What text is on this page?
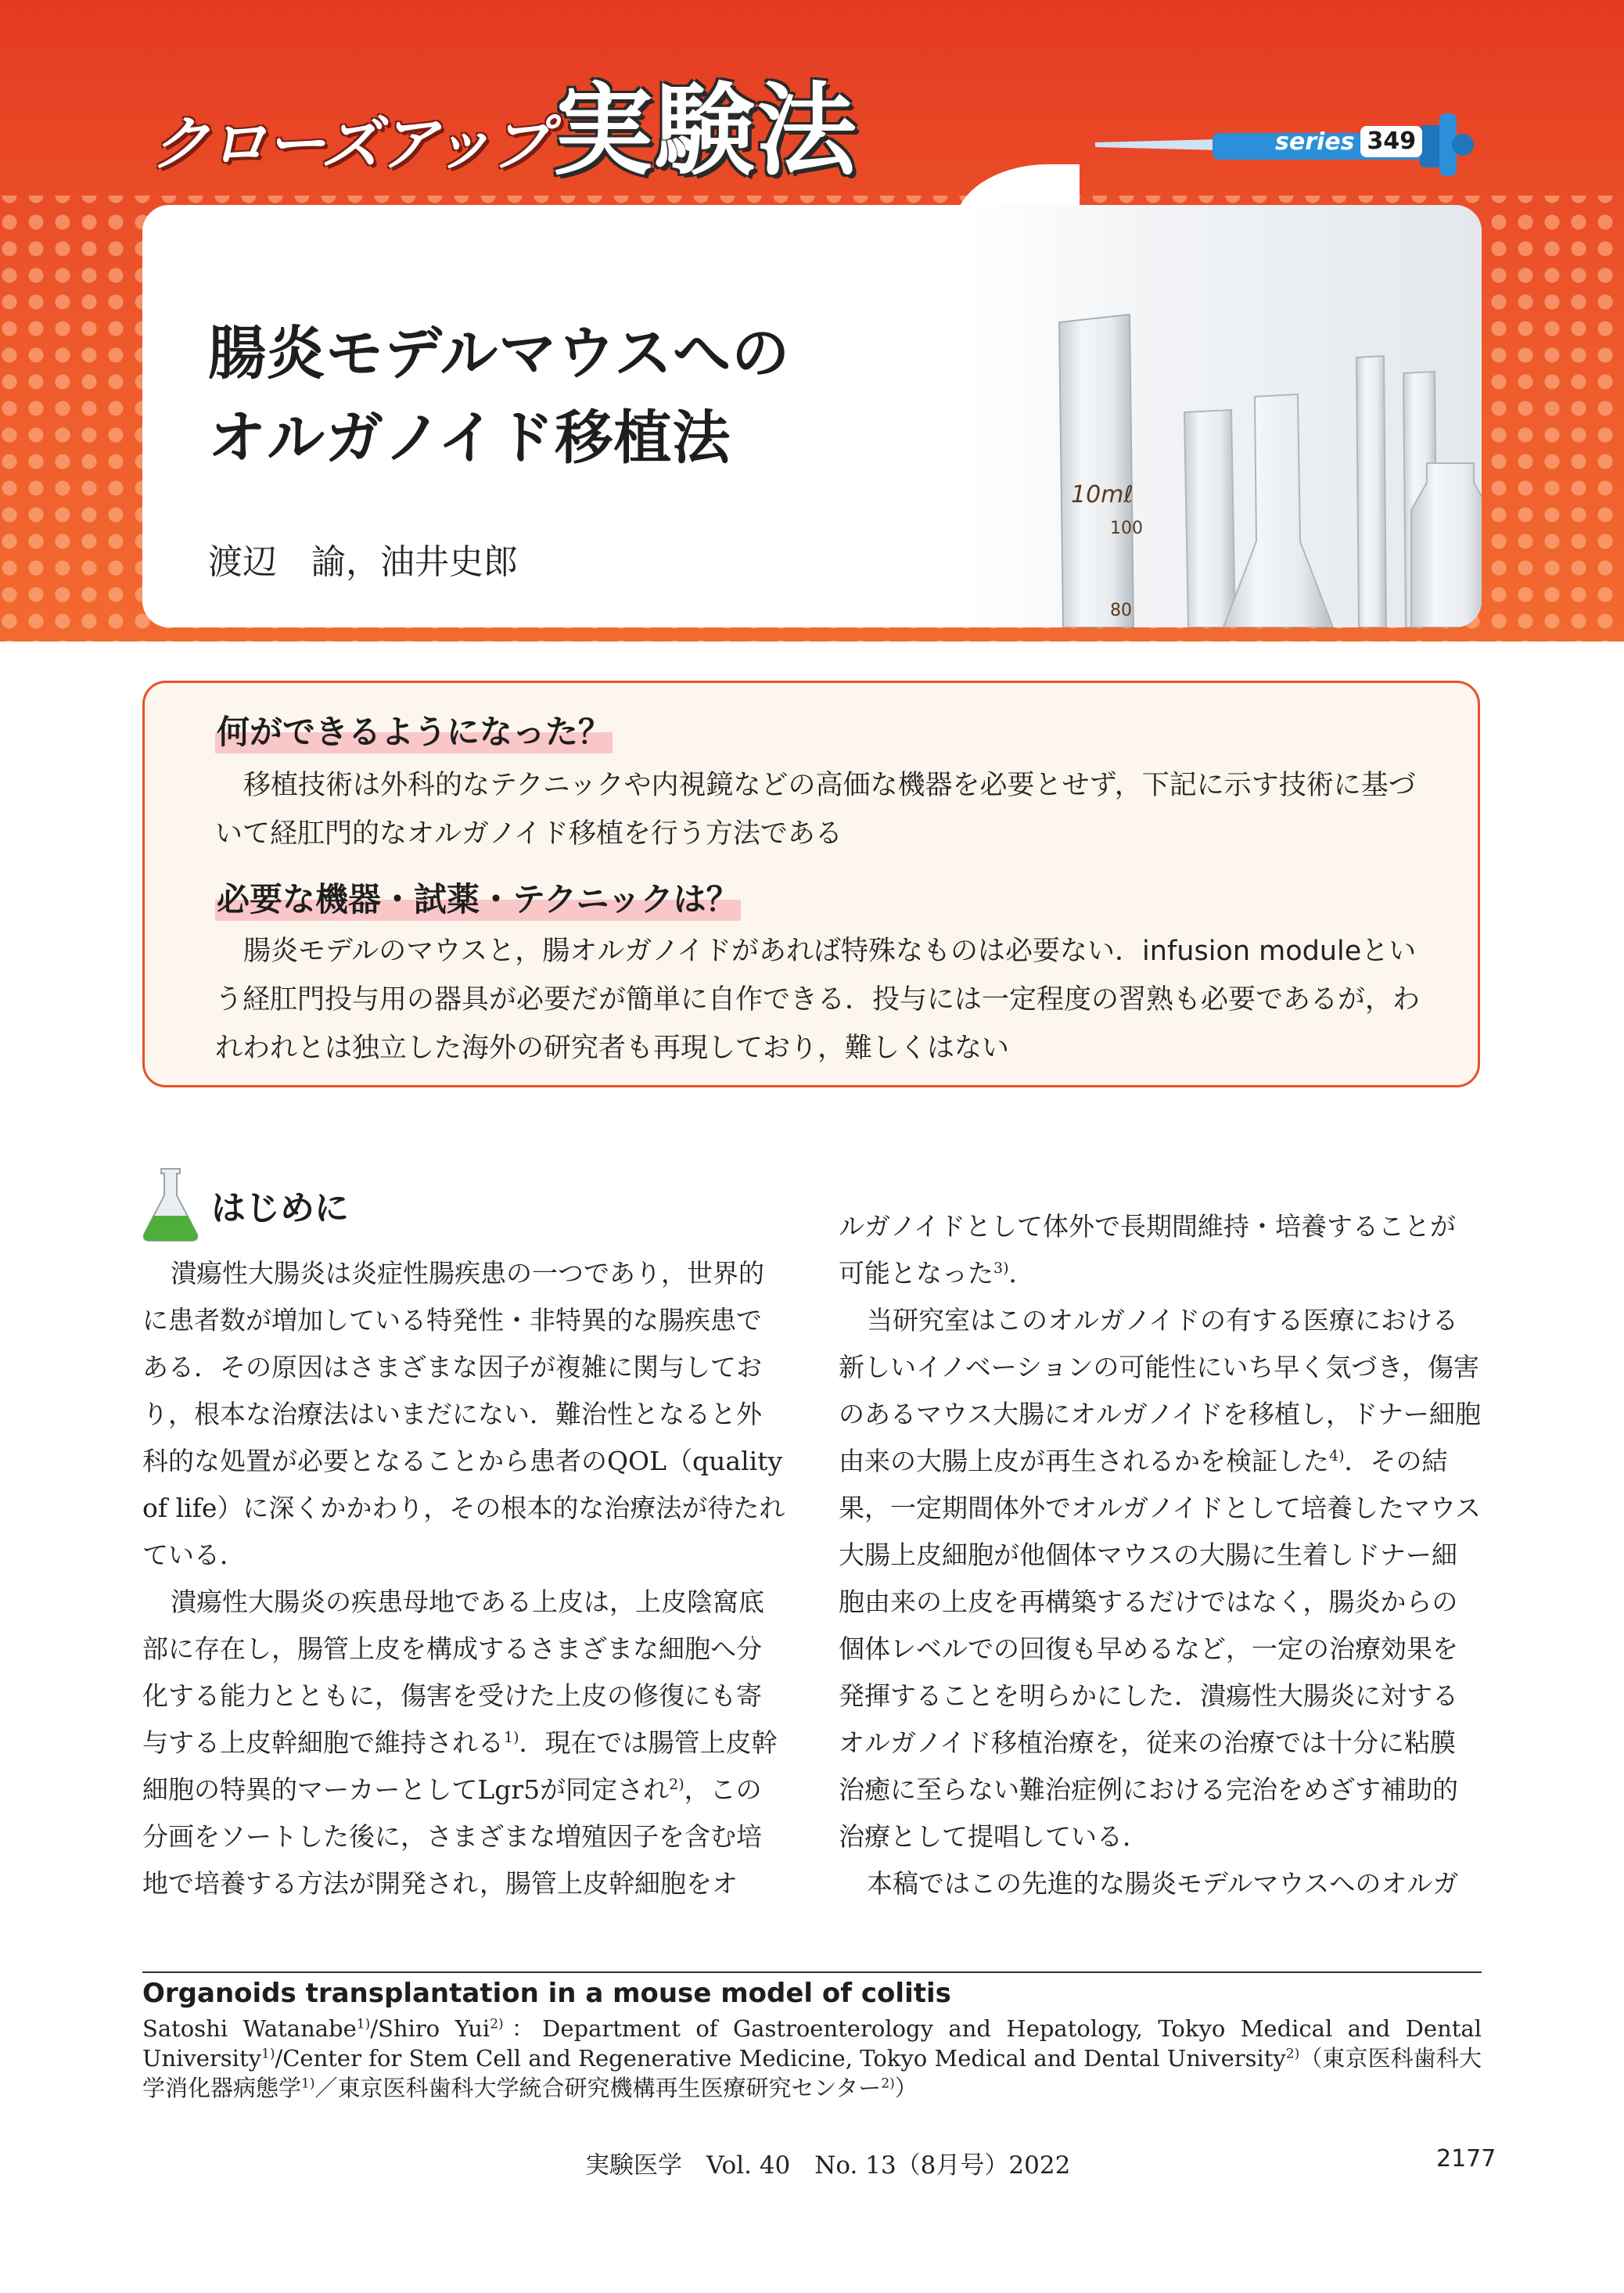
クローズアップ 実験法	series 349
10mℓ
100
80
腸炎モデルマウスへの
オルガノイド移植法
渡辺　諭，油井史郎
何ができるようになった？
移植技術は外科的なテクニックや内視鏡などの高価な機器を必要とせず，下記に示す技術に基づいて経肛門的なオルガノイド移植を行う方法である
必要な機器・試薬・テクニックは？
腸炎モデルのマウスと，腸オルガノイドがあれば特殊なものは必要ない．infusion moduleという経肛門投与用の器具が必要だが簡単に自作できる．投与には一定程度の習熟も必要であるが，われわれとは独立した海外の研究者も再現しており，難しくはない
はじめに

潰瘍性大腸炎は炎症性腸疾患の一つであり，世界的に患者数が増加している特発性・非特異的な腸疾患である．その原因はさまざまな因子が複雑に関与しており，根本な治療法はいまだにない．難治性となると外科的な処置が必要となることから患者のQOL（quality of life）に深くかかわり，その根本的な治療法が待たれている．

潰瘍性大腸炎の疾患母地である上皮は，上皮陰窩底部に存在し，腸管上皮を構成するさまざまな細胞へ分化する能力とともに，傷害を受けた上皮の修復にも寄与する上皮幹細胞で維持される$^{1)}$．現在では腸管上皮幹細胞の特異的マーカーとしてLgr5が同定され$^{2)}$，この分画をソートした後に，さまざまな増殖因子を含む培地で培養する方法が開発され，腸管上皮幹細胞をオ

ルガノイドとして体外で長期間維持・培養することが可能となった$^{3)}$．

当研究室はこのオルガノイドの有する医療における新しいイノベーションの可能性にいち早く気づき，傷害のあるマウス大腸にオルガノイドを移植し，ドナー細胞由来の大腸上皮が再生されるかを検証した$^{4)}$．その結果，一定期間体外でオルガノイドとして培養したマウス大腸上皮細胞が他個体マウスの大腸に生着しドナー細胞由来の上皮を再構築するだけではなく，腸炎からの個体レベルでの回復も早めるなど，一定の治療効果を発揮することを明らかにした．潰瘍性大腸炎に対するオルガノイド移植治療を，従来の治療では十分に粘膜治癒に至らない難治症例における完治をめざす補助的治療として提唱している．

本稿ではこの先進的な腸炎モデルマウスへのオルガ

Organoids transplantation in a mouse model of colitis
Satoshi Watanabe$^{1)}$/Shiro Yui$^{2)}$：Department of Gastroenterology and Hepatology, Tokyo Medical and Dental University$^{1)}$/Center for Stem Cell and Regenerative Medicine, Tokyo Medical and Dental University$^{2)}$（東京医科歯科大学消化器病態学$^{1)}$／東京医科歯科大学統合研究機構再生医療研究センター$^{2)}$）
実験医学　Vol. 40　No. 13（8月号）2022	2177
